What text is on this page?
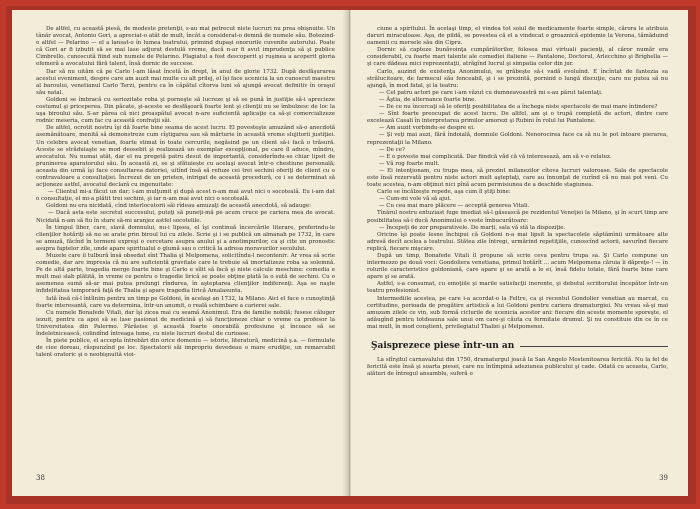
De altfel, cu această piesă, de modeste pretenţii, s-au mai petrecut niste lucruri nu prea obişnuite. Un tânăr avocat, Antonio Gori, a apreciat-o atât de mult, încât a considerat-o demnă de numele său. Botezind-o altfel — Pelarino — el a lansat-o în lumea teatrului, primind dupaşi onorurile cuvenite autorului. Poate că Gori ar fi izbutit să se mai lase adjurat destulă vreme, dacă n-ar fi avut imprudenţa să şi publice Cimbrello, cunoscută fiind sub numele de Pelarino. Plagiatul a fost descoperit şi ruşinea a acoperit gloria efemeră a avocatului fără talent, însă dornic de succese.

Dar să nu uităm că pe Carlo l-am lăsat încetâ în drept, în anul de glorie 1732. După desfăşurarea acestui eveniment, despre care am auzit mai multe cu alt prilej, el îşi face ucenicia la un cunoscut maestru al baroului, venetianul Carlo Terzi, pentru ca în căpătul cîtorva luni să ajungă avocat definitiv în oraşul său natal.

Goldoni se îmbracă cu seriozitate roba şi porneşte să lucreze şi să se pună în justiţie să-i aprecieze costumul şi priceperea. Din păcate, şi-aceste se desfăşoară foarte lent şi clienţii nu se îmbulzesc de loc la uşa biroului său. S-ar părea că nici proaspătul avocat n-are suficientă aplicaţie ca să-şi comercializeze rodnic meseria, cum fac cu această confraţii săi.

De altfel, ocrotit nostru îşi dă foarte bine seama de acest lucru. El povesteşte amuzând să-o anecdotă asemănătoare, menită să demonstreze cum cîştigarea sau să mărturie în această vreme slujitorii justiţiei. Un celebru avocat venetian, foarte stimat în toate cercurile, negăsind pe un client să-i facă o trăsură. Aceste se străduiaşte se mod deosebit şi realizează un exemplar excepţional, pe care îl aduce, mîndru, avocatului. Nu numai atât, dar el nu pregetă patru desut de importantă, considerîndu-se chiar lipsit de pruninerea aparatorului său. În această zi, se şi sfătuiește cu acelaşi avocat într-o chestiune personală; aceasta din urmă îşi face consultarea datoriei, uitînd însă să refuze cei trei sechini oferiţi de client cu o contravaloare a consultaţiei. Încrezut de un prieten, intrigat de această procedură, ce i se determinat să acţioneze astfel, avocatul declară cu ingenuitate:

— Clientul mi-a făcut un dar; i-am mulţumit şi după acest n-am mai avut nici o socoteală. Eu i-am dat o consultaţie, el mi-a plătit trei sechini, şi iar n-am mai avut nici o socoteală.

Goldoni nu era nicidată, cînd interlocutorii săi rîdeau amuzaţi de această anecdotă, să adauge:

— Dacă asta este secretul succesului, puteţi să puneţi-mă pe acum cruce pe cariera mea de avocat. Nicidată n-am să fiu în stare să-mi aranjez astfel socotelile.

În timpul liber, care, slavă domnului, nu-i lipsea, el îşi continuă încercările literare, preferindu-le clienţilor hotăriţi să nu se arate prin biroul lui cu zilele. Scrie şi i se publică un almanah pe 1732, în care se amuză, făcînd în termeni expreşi o cercetare asupra anului şi a anotimpurilor, ca şi cite un pronostic asupra faptelor zile, unde apare spiritualul o glumă sau o critică la adresa moravurilor secolului.

Muzele care il tulbură însă obsedat sînt Thalia şi Melpomena, solicitîndu-l neconteniт. Ar vrea să scrie comedie, dar are impresia că nu are suficientă gravitate care le trebuie să imortalizeze roba sa solemnă. Pe de altă parte, tragedia merge foarte bine şi Carlo e sîlit să facă şi niste calcule meschine: comedia e mult mai slab plătită, în vreme ce pentru o tragedie lirică se poate obţine plată la o sută de sechini. Cu o asemenea sumă să-ar mai putea prelungi rîndurea, în aşteptarea clienţilor indiferenţi. Aşa se naşte infidelitatea temporară faţă de Thalia şi apare tragedia lirică Amalasunta.

Iată însă că-l întîlnim pentru un timp pe Goldoni, în acelaşi an 1732, la Milano. Aici el face o cunoştinţă foarte interesantă, care va determina, într-un anumit, o reală schimbare a carierei sale.

Cu numele Bonafede Vitali, dar îşi zicea mai cu seamă Anonimul. Era de familie nobilă; fusese căluger iezuit, pentru ca apoi să se lase pasionat de medicină şi să funcţioneze chiar o vreme ca profesor la Universitatea din Palermo. Părăsise şi această foarte onorabilă profesiune şi încoace să se îndeletnicească, colindînd întreaga lume, cu niste lucruri destul de curioase.

În piete publice, el accepta întrebări din orice domeniu — istorie, literatură, medicină ş.a. — formulate de ciee doreau, răspunzînd pe loc. Spectatorii săi impropriu devedeau o mare erudiţie, un remarcabil talent oratoric şi o neobişnuită vioi-

38

ciune a spiritului. În acelaşi timp, el vindea tot soiul de medicamente foarte simple, cărora le atribuia daruri miraculoase. Aşa, de pildă, se povestea că el a vindecat o groaznică epidemie la Verona, tămăduind oamenii cu mersele său din Cipru.

Dornic să capteze bunăvoinţa cumpărătorilor, folosea mai virtuali pacienţi, al căror număr era considerabil, cu foarte mari talente ale comediei italiene — Pantalone, Doctorul, Arlecchino şi Brighella — şi care dădeau mici reprezentaţii, atrăgînd lucrul şi simpatia celor din jur.

Carlo, auzind de existenţa Anonimului, se grăbeşte să-i vadă evoluînd. E încîntat de fantezia sa strălucitoare, de farmecul său fenceabil, şi i se prezintă, pornind o lungă discuţie, care nu putea să nu ajungă, în mod fatal, şi la teatru:

— Cel patru actori pe care i-am văzut cu dumneavoastră mi s-au părut talentaţi.

— Ăştia, de alternance foarte bine.

— De ce nu încercaţi să le oferiţi posibilitatea de a închega niste spectacole de mai mare întindere?

— Sînt foarte preocupat de acest lucru. De altfel, am şi o trupă completă de actori, dintre care excelează Casali în interpretarea primilor amorezi şi Rubini în rolul lui Pantalone.

— Am auzit vorbindu-se despre ei.

— Şi veţi mai auzi, fără îndoială, domnule Goldoni. Nenorocirea face ca să nu le pot intoare pierarea, reprezentaţii la Milano.

— De ce?

— E o poveste mai complicată. Dar fiindcă văd că vă interesează, am să v-o relatez.

— Vă rog foarte mult.

— Ei intenţionam, cu trupa mea, să prezint milanezilor cîteva lucruri valoroase. Sala de spectacole este însă rezervată pentru niste actori mult aşteptaţi, care au înnunţat de curînd că nu mai pot veni. Cu toate acestea, n-am obţinut nici pînă acum permisiunea de a deschide stagiunea.

Carlo se încălzeşte repede, aşa cum îl ştiţi bine:

— Cum-mi vole vă să ajut.

— Cu cea mai mare plăcere — acceptă generea Vitali.

Tînărul nostru entuziast fuge imediat să-l găsească pe rezidentul Veneţiei la Milano, şi în scurt timp are posibilitatea să-i ducă Anonimului o veste îmbucurătoare:

— Începeţi de zor preparativele. De marți, sala vă stă la dispoziţie.

Oricine îşi poate lesne închipui că Goldoni n-a mai lipsit la spectacolele săptămînii următoare alte adresă decît acelea a teatrului. Stătea zile întregi, urmărind repetiţiile, cunoscînd actorii, savurînd fiecare replică, fiecare mişcare.

După un timp, Bonafede Vitali îl propune să scrie ceva pentru trupa sa. Şi Carlo compune un intermezzo pe două voci: Gondoliera venetiana, primul hotărît ... acum Melpomena căruia îi dăpreţe-! — în rolurile caracteristice goldoniană, care apare şi se arată a le ei, însă fidelu totale, fără foarte bine care apare şi se arată.

Astfel, s-a consumat, cu emoţiile şi marile satisfacţii inerente, şi debutul scriitorului începător într-un teatru profesionist.

Intermediile acestea, pe care i-a acordat-o la Feltre, ca şi recentul Gondolier venetian au marcat, cu certitudine, perioada de pregătire artistică a lui Goldoni pentru cariera dramaturgiei. Nu vreau să-şi mai amuzam zilele ce vin, sub formă ciclurile de ucenicia acestor ani: fiecare din aceste momente sporeşte, el adăugînd pentru totdeauna sale unui om care-şi căuta cu fermitate drumul. Şi nu constituie din ce în ce mai mult, în mod conştient, privilegiatul Thaliei şi Melpomenei.

Şaisprezece piese într-un an

La sfîrşitul carnavalului din 1750, dramaturgul joacă la San Angelo Mostenitoarea fericită. Nu la fel de fericită este însă şi soarta piesei, care nu întîmpină adeziunea publicului şi cade. Odată cu aceasta, Carlo, alături de întregul ansamblu, suferă o

39
